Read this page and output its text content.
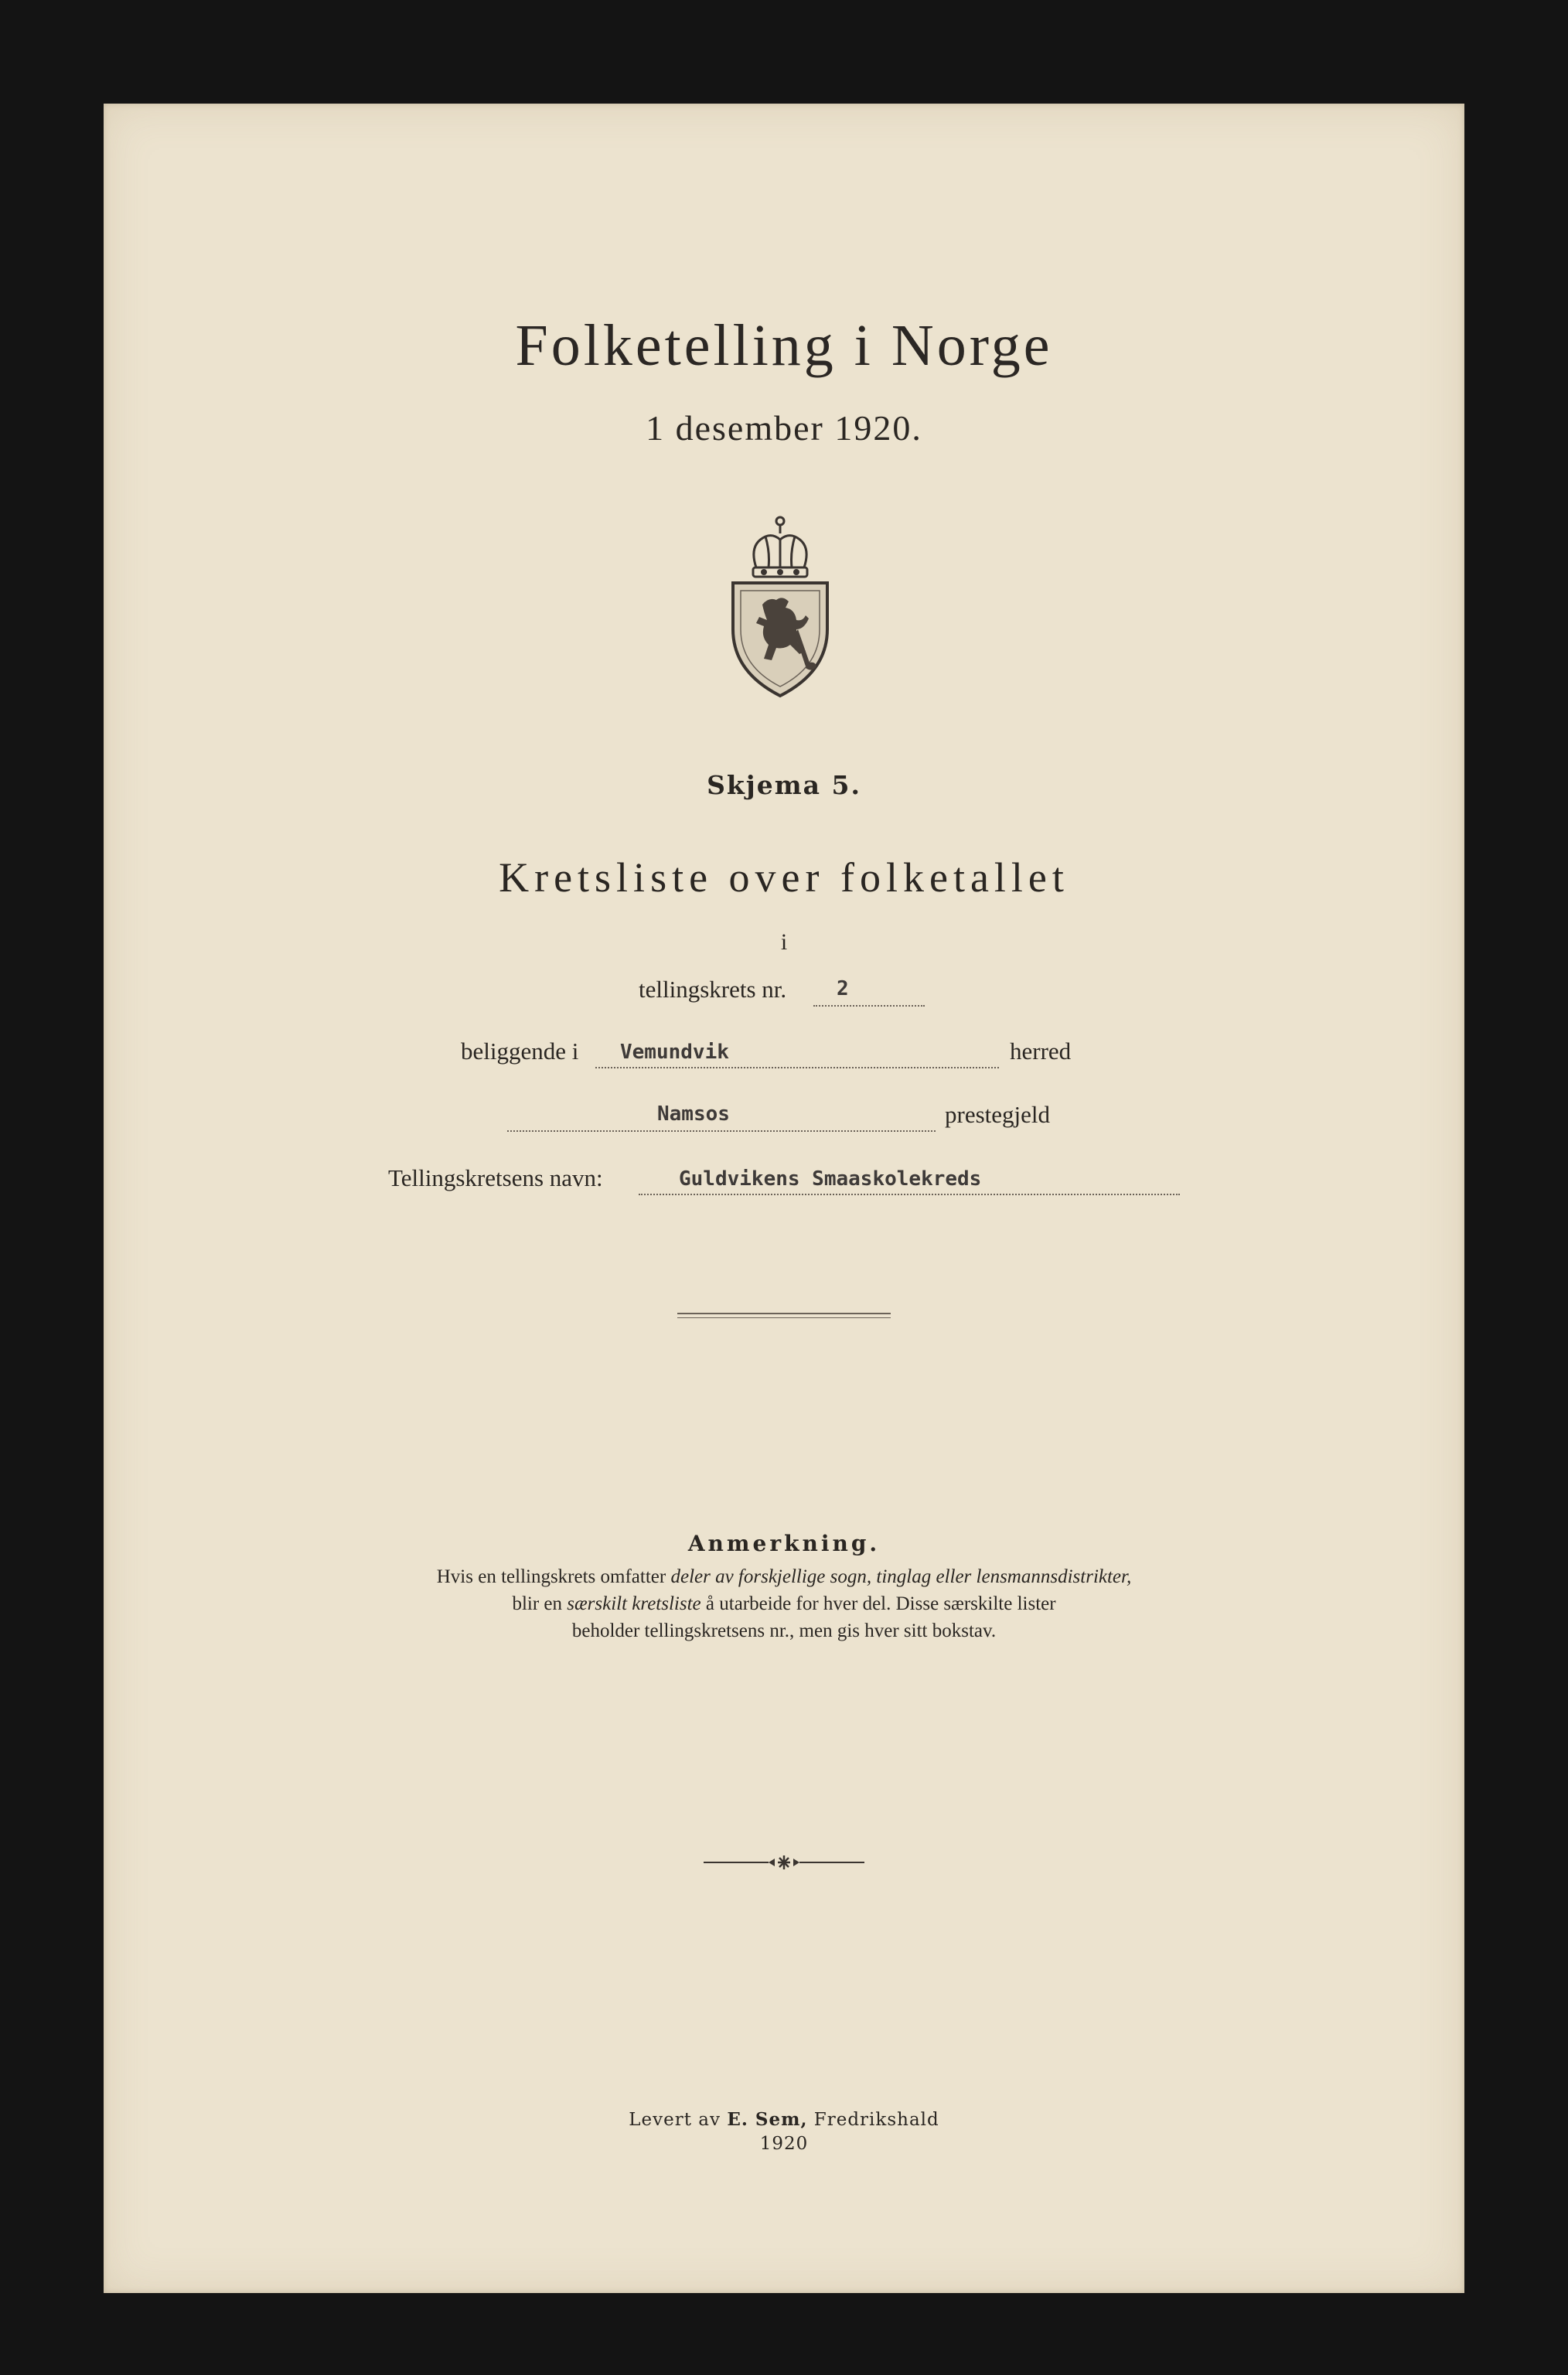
Folketelling i Norge
1 desember 1920.
Skjema 5.
Kretsliste over folketallet
i
tellingskrets nr. 2
beliggende i Vemundvik	herred
Namsos	prestegjeld
Tellingskretsens navn:	Guldvikens Smaaskolekreds
Anmerkning.
Hvis en tellingskrets omfatter deler av forskjellige sogn, tinglag eller lensmannsdistrikter,
blir en særskilt kretsliste å utarbeide for hver del. Disse særskilte lister
beholder tellingskretsens nr., men gis hver sitt bokstav.
Levert av E. Sem, Fredrikshald
1920
